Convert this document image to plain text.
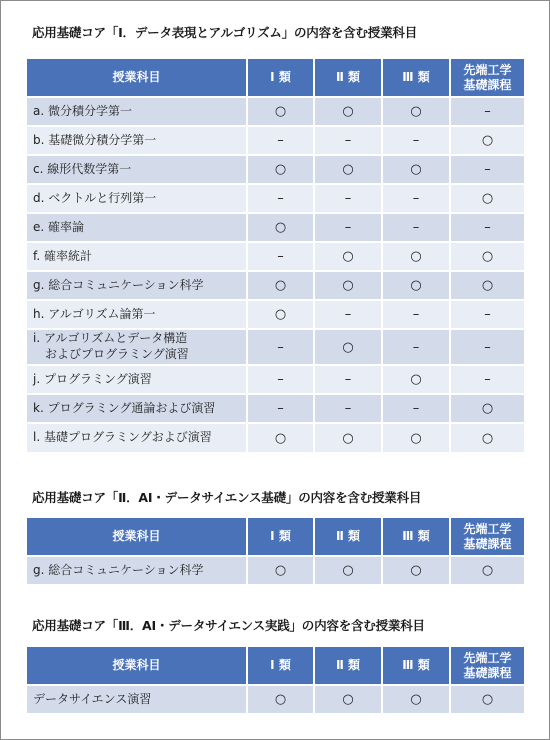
応用基礎コア「Ⅰ．データ表現とアルゴリズム」の内容を含む授業科目
授業科目	Ⅰ 類	Ⅱ 類	Ⅲ 類	先端工学
基礎課程
a. 微分積分学第一	○	○	○	–
b. 基礎微分積分学第一	–	–	–	○
c. 線形代数学第一	○	○	○	–
d. ベクトルと行列第一	–	–	–	○
e. 確率論	○	–	–	–
f. 確率統計	–	○	○	○
g. 総合コミュニケーション科学	○	○	○	○
h. アルゴリズム論第一	○	–	–	–
i. アルゴリズムとデータ構造
　およびプログラミング演習	–	○	–	–
j. プログラミング演習	–	–	○	–
k. プログラミング通論および演習	–	–	–	○
l. 基礎プログラミングおよび演習	○	○	○	○
応用基礎コア「Ⅱ．AI・データサイエンス基礎」の内容を含む授業科目
授業科目	Ⅰ 類	Ⅱ 類	Ⅲ 類	先端工学
基礎課程
g. 総合コミュニケーション科学	○	○	○	○
応用基礎コア「Ⅲ．AI・データサイエンス実践」の内容を含む授業科目
授業科目	Ⅰ 類	Ⅱ 類	Ⅲ 類	先端工学
基礎課程
データサイエンス演習	○	○	○	○
